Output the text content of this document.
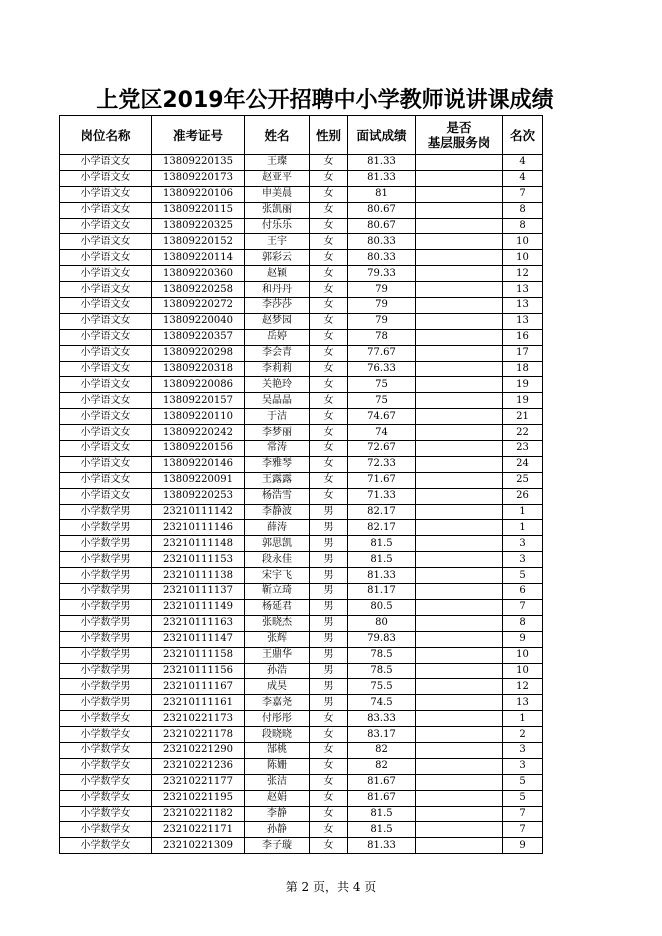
上党区2019年公开招聘中小学教师说讲课成绩
岗位名称	准考证号	姓名	性别	面试成绩	是否
基层服务岗	名次
小学语文女	13809220135	王璨	女	81.33		4
小学语文女	13809220173	赵亚平	女	81.33		4
小学语文女	13809220106	申美晨	女	81		7
小学语文女	13809220115	张凯丽	女	80.67		8
小学语文女	13809220325	付乐乐	女	80.67		8
小学语文女	13809220152	王宇	女	80.33		10
小学语文女	13809220114	郭彩云	女	80.33		10
小学语文女	13809220360	赵颖	女	79.33		12
小学语文女	13809220258	和丹丹	女	79		13
小学语文女	13809220272	李莎莎	女	79		13
小学语文女	13809220040	赵梦园	女	79		13
小学语文女	13809220357	岳婷	女	78		16
小学语文女	13809220298	李会青	女	77.67		17
小学语文女	13809220318	李莉莉	女	76.33		18
小学语文女	13809220086	关艳玲	女	75		19
小学语文女	13809220157	吴晶晶	女	75		19
小学语文女	13809220110	于洁	女	74.67		21
小学语文女	13809220242	李梦丽	女	74		22
小学语文女	13809220156	常涛	女	72.67		23
小学语文女	13809220146	李雅琴	女	72.33		24
小学语文女	13809220091	王露露	女	71.67		25
小学语文女	13809220253	杨浩雪	女	71.33		26
小学数学男	23210111142	李静波	男	82.17		1
小学数学男	23210111146	薛涛	男	82.17		1
小学数学男	23210111148	郭思凯	男	81.5		3
小学数学男	23210111153	段永佳	男	81.5		3
小学数学男	23210111138	宋宇飞	男	81.33		5
小学数学男	23210111137	靳立琦	男	81.17		6
小学数学男	23210111149	杨延君	男	80.5		7
小学数学男	23210111163	张晓杰	男	80		8
小学数学男	23210111147	张辉	男	79.83		9
小学数学男	23210111158	王鼎华	男	78.5		10
小学数学男	23210111156	孙浩	男	78.5		10
小学数学男	23210111167	成昊	男	75.5		12
小学数学男	23210111161	李嘉尧	男	74.5		13
小学数学女	23210221173	付彤彤	女	83.33		1
小学数学女	23210221178	段晓晓	女	83.17		2
小学数学女	23210221290	郜桃	女	82		3
小学数学女	23210221236	陈姗	女	82		3
小学数学女	23210221177	张洁	女	81.67		5
小学数学女	23210221195	赵娟	女	81.67		5
小学数学女	23210221182	李静	女	81.5		7
小学数学女	23210221171	孙静	女	81.5		7
小学数学女	23210221309	李子璇	女	81.33		9
第 2 页，共 4 页
